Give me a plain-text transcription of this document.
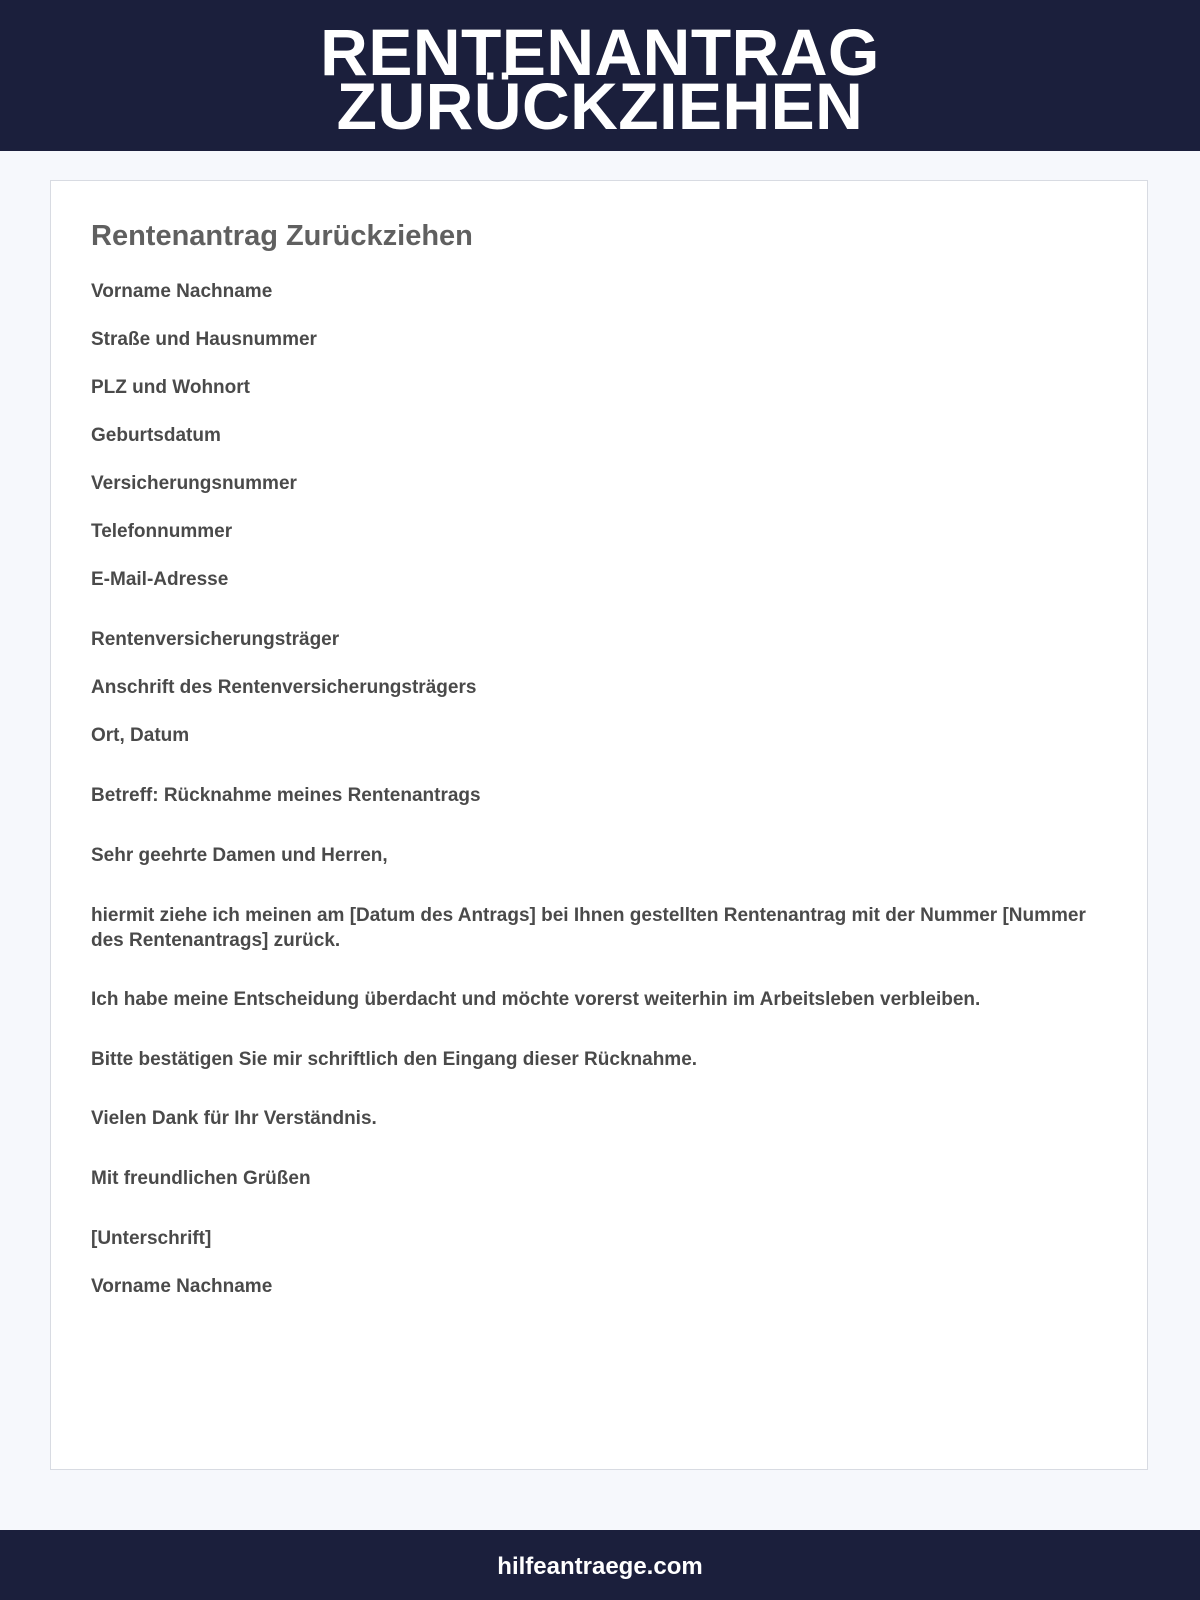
RENTENANTRAG ZURÜCKZIEHEN
Rentenantrag Zurückziehen

Vorname Nachname

Straße und Hausnummer

PLZ und Wohnort

Geburtsdatum

Versicherungsnummer

Telefonnummer

E-Mail-Adresse

Rentenversicherungsträger

Anschrift des Rentenversicherungsträgers

Ort, Datum

Betreff: Rücknahme meines Rentenantrags

Sehr geehrte Damen und Herren,

hiermit ziehe ich meinen am [Datum des Antrags] bei Ihnen gestellten Rentenantrag mit der Nummer [Nummer des Rentenantrags] zurück.

Ich habe meine Entscheidung überdacht und möchte vorerst weiterhin im Arbeitsleben verbleiben.

Bitte bestätigen Sie mir schriftlich den Eingang dieser Rücknahme.

Vielen Dank für Ihr Verständnis.

Mit freundlichen Grüßen

[Unterschrift]

Vorname Nachname

hilfeantraege.com
